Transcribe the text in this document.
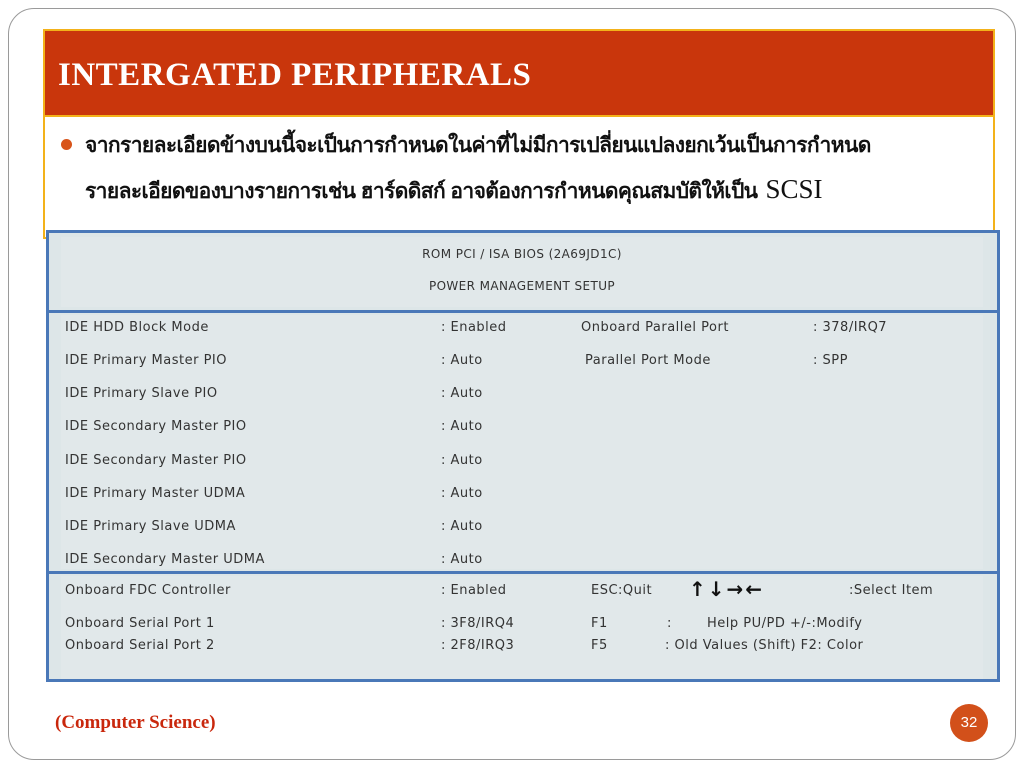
INTERGATED PERIPHERALS
จากรายละเอียดข้างบนนี้จะเป็นการกำหนดในค่าที่ไม่มีการเปลี่ยนแปลงยกเว้นเป็นการกำหนด
รายละเอียดของบางรายการเช่น ฮาร์ดดิสก์ อาจต้องการกำหนดคุณสมบัติให้เป็น SCSI
ROM PCI / ISA BIOS (2A69JD1C)
POWER MANAGEMENT SETUP
IDE HDD Block Mode	: Enabled	Onboard Parallel Port	: 378/IRQ7
IDE Primary Master PIO	: Auto	Parallel Port Mode	: SPP
IDE Primary Slave PIO	: Auto
IDE Secondary Master PIO	: Auto
IDE Secondary Master PIO	: Auto
IDE Primary Master UDMA	: Auto
IDE Primary Slave UDMA	: Auto
IDE Secondary Master UDMA	: Auto
Onboard FDC Controller	: Enabled	ESC:Quit ↑↓→←	:Select Item
Onboard Serial Port 1	: 3F8/IRQ4	F1	:	Help PU/PD +/-:Modify
Onboard Serial Port 2	: 2F8/IRQ3	F5	: Old Values (Shift) F2: Color
(Computer Science)	32
